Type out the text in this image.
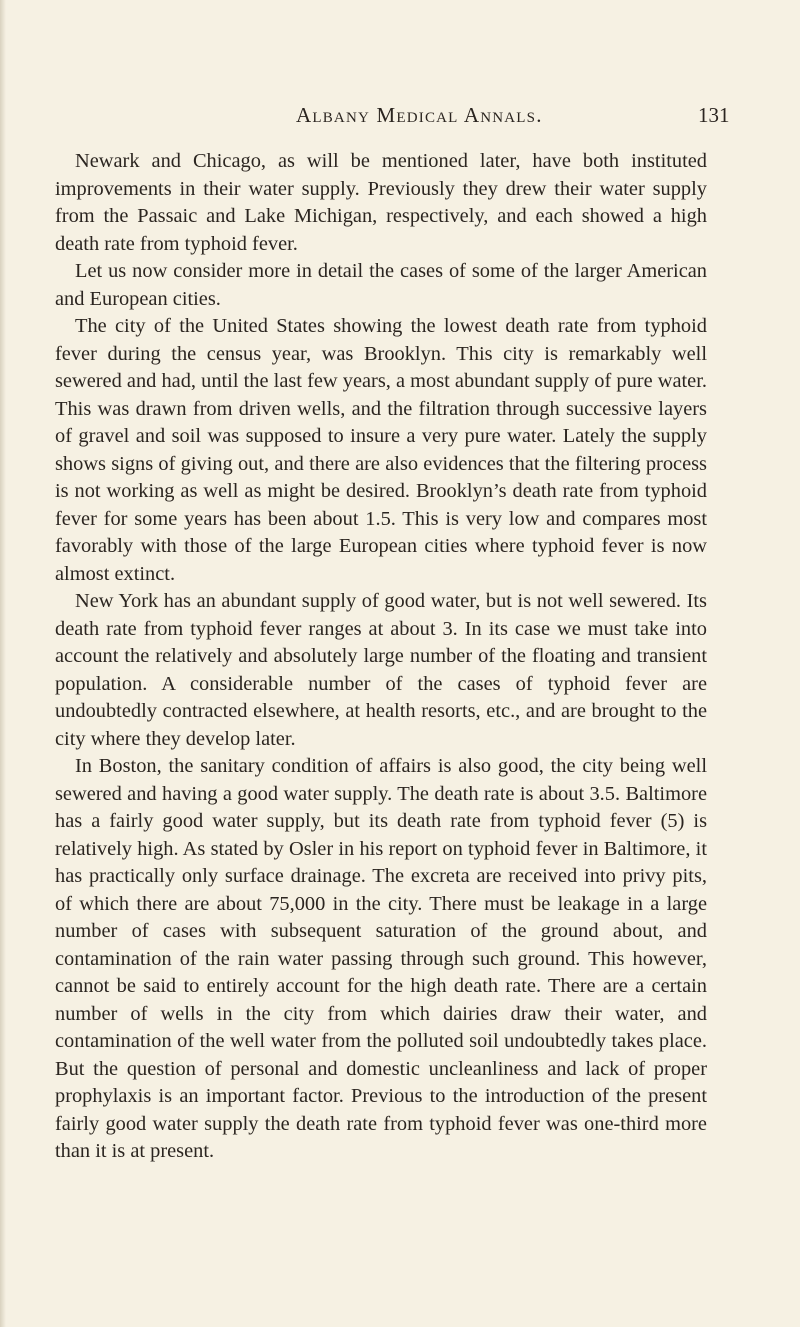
Albany Medical Annals.	131

Newark and Chicago, as will be mentioned later, have both instituted improvements in their water supply. Previously they drew their water supply from the Passaic and Lake Michigan, respectively, and each showed a high death rate from typhoid fever.

Let us now consider more in detail the cases of some of the larger American and European cities.

The city of the United States showing the lowest death rate from typhoid fever during the census year, was Brooklyn. This city is remarkably well sewered and had, until the last few years, a most abundant supply of pure water. This was drawn from driven wells, and the filtration through successive layers of gravel and soil was supposed to insure a very pure water. Lately the supply shows signs of giving out, and there are also evidences that the filtering process is not working as well as might be desired. Brooklyn’s death rate from typhoid fever for some years has been about 1.5. This is very low and compares most favorably with those of the large European cities where typhoid fever is now almost extinct.

New York has an abundant supply of good water, but is not well sewered. Its death rate from typhoid fever ranges at about 3. In its case we must take into account the relatively and absolutely large number of the floating and transient population. A considerable number of the cases of typhoid fever are undoubtedly contracted elsewhere, at health resorts, etc., and are brought to the city where they develop later.

In Boston, the sanitary condition of affairs is also good, the city being well sewered and having a good water supply. The death rate is about 3.5. Baltimore has a fairly good water supply, but its death rate from typhoid fever (5) is relatively high. As stated by Osler in his report on typhoid fever in Baltimore, it has practically only surface drainage. The excreta are received into privy pits, of which there are about 75,000 in the city. There must be leakage in a large number of cases with subsequent saturation of the ground about, and contamination of the rain water passing through such ground. This however, cannot be said to entirely account for the high death rate. There are a certain number of wells in the city from which dairies draw their water, and contamination of the well water from the polluted soil undoubtedly takes place. But the question of personal and domestic uncleanliness and lack of proper prophylaxis is an important factor. Previous to the introduction of the present fairly good water supply the death rate from typhoid fever was one-third more than it is at present.
